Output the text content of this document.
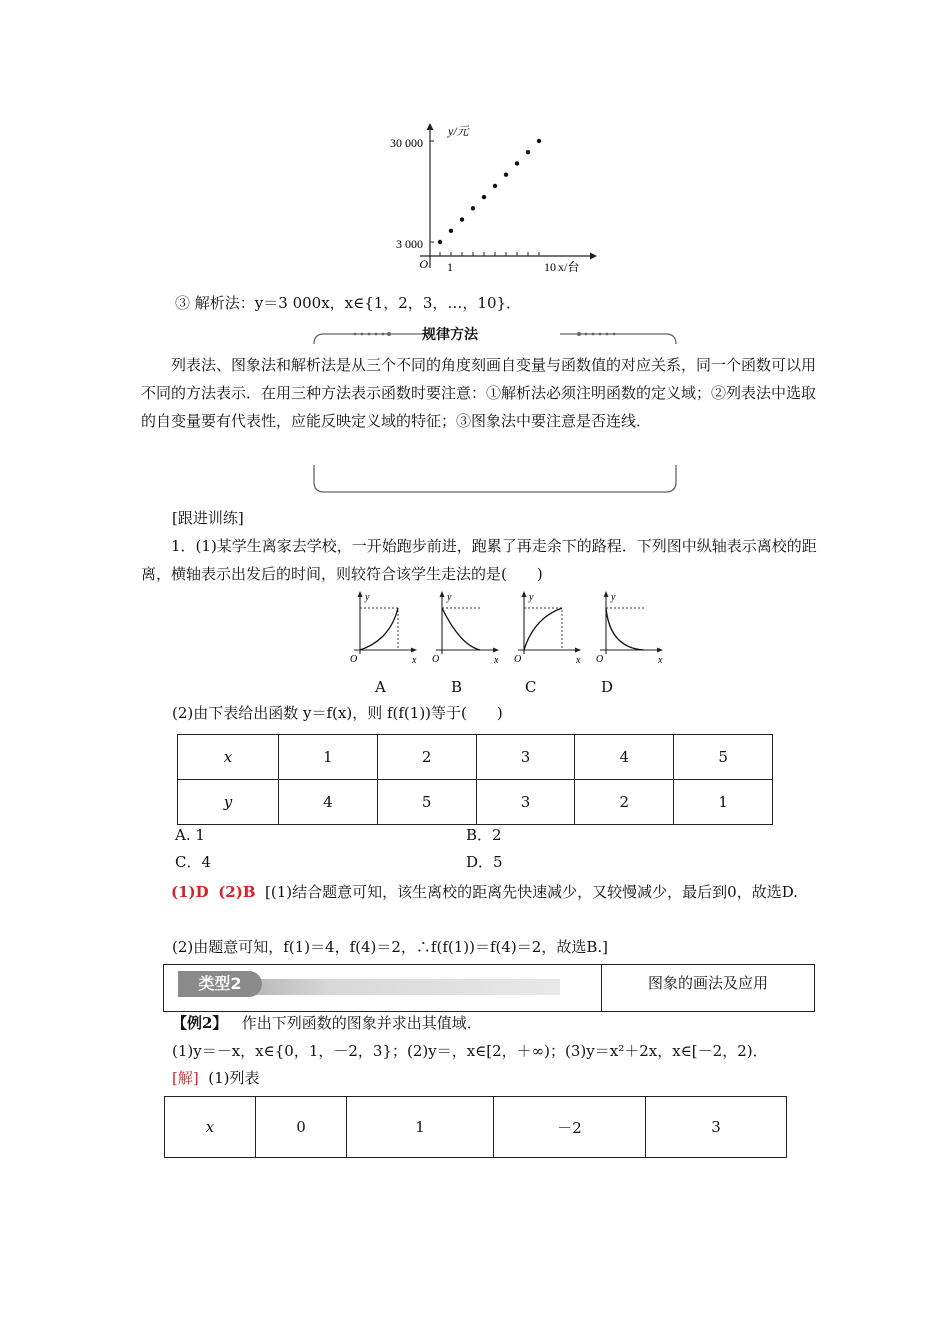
y/元
x/台
30 000
3 000
O 1	10
③ 解析法：y＝3 000x，x∈{1，2，3，…，10}．
规律方法
列表法、图象法和解析法是从三个不同的角度刻画自变量与函数值的对应关系，同一个函数可以用不同的方法表示．在用三种方法表示函数时要注意：①解析法必须注明函数的定义域；②列表法中选取的自变量要有代表性，应能反映定义域的特征；③图象法中要注意是否连线．
[跟进训练]
1．(1)某学生离家去学校，一开始跑步前进，跑累了再走余下的路程．下列图中纵轴表示离校的距离，横轴表示出发后的时间，则较符合该学生走法的是(　　)
y
x
O
y
x
O
y
x
O
y
x
O
A	B	C	D
(2)由下表给出函数 y＝f(x)，则 f(f(1))等于(　　)
x	1	2	3	4	5
y	4	5	3	2	1
A. 1	B．2
C．4	D．5
(1)D (2)B [(1)结合题意可知，该生离校的距离先快速减少，又较慢减少，最后到0，故选D.
(2)由题意可知，f(1)＝4，f(4)＝2，∴f(f(1))＝f(4)＝2，故选B.]
类型2	图象的画法及应用
【例2】 作出下列函数的图象并求出其值域．
(1)y＝－x，x∈{0，1，－2，3}；(2)y＝，x∈[2，＋∞)；(3)y＝x²＋2x，x∈[－2，2)．
[解] (1)列表
x	0	1	－2	3
